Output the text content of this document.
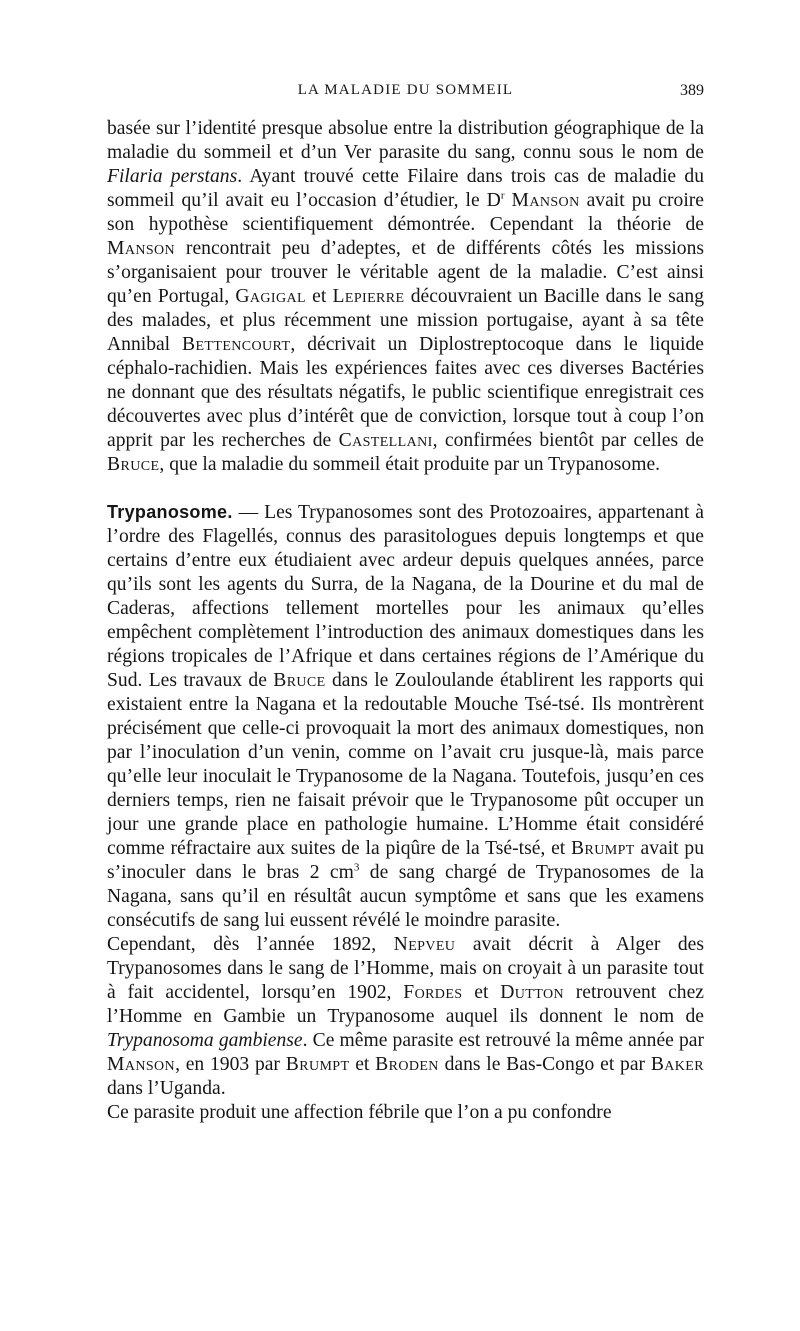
LA MALADIE DU SOMMEIL	389

basée sur l’identité presque absolue entre la distribution géographique de la maladie du sommeil et d’un Ver parasite du sang, connu sous le nom de Filaria perstans. Ayant trouvé cette Filaire dans trois cas de maladie du sommeil qu’il avait eu l’occasion d’étudier, le $D^r$ Manson avait pu croire son hypothèse scientifiquement démontrée. Cependant la théorie de Manson rencontrait peu d’adeptes, et de différents côtés les missions s’organisaient pour trouver le véritable agent de la maladie. C’est ainsi qu’en Portugal, Gagigal et Lepierre découvraient un Bacille dans le sang des malades, et plus récemment une mission portugaise, ayant à sa tête Annibal Bettencourt, décrivait un Diplostreptocoque dans le liquide céphalo-rachidien. Mais les expériences faites avec ces diverses Bactéries ne donnant que des résultats négatifs, le public scientifique enregistrait ces découvertes avec plus d’intérêt que de conviction, lorsque tout à coup l’on apprit par les recherches de Castellani, confirmées bientôt par celles de Bruce, que la maladie du sommeil était produite par un Trypanosome.

Trypanosome. — Les Trypanosomes sont des Protozoaires, appartenant à l’ordre des Flagellés, connus des parasitologues depuis longtemps et que certains d’entre eux étudiaient avec ardeur depuis quelques années, parce qu’ils sont les agents du Surra, de la Nagana, de la Dourine et du mal de Caderas, affections tellement mortelles pour les animaux qu’elles empêchent complètement l’introduction des animaux domestiques dans les régions tropicales de l’Afrique et dans certaines régions de l’Amérique du Sud. Les travaux de Bruce dans le Zouloulande établirent les rapports qui existaient entre la Nagana et la redoutable Mouche Tsé-tsé. Ils montrèrent précisément que celle-ci provoquait la mort des animaux domestiques, non par l’inoculation d’un venin, comme on l’avait cru jusque-là, mais parce qu’elle leur inoculait le Trypanosome de la Nagana. Toutefois, jusqu’en ces derniers temps, rien ne faisait prévoir que le Trypanosome pût occuper un jour une grande place en pathologie humaine. L’Homme était considéré comme réfractaire aux suites de la piqûre de la Tsé-tsé, et Brumpt avait pu s’inoculer dans le bras 2 $cm^3$ de sang chargé de Trypanosomes de la Nagana, sans qu’il en résultât aucun symptôme et sans que les examens consécutifs de sang lui eussent révélé le moindre parasite.

Cependant, dès l’année 1892, Nepveu avait décrit à Alger des Trypanosomes dans le sang de l’Homme, mais on croyait à un parasite tout à fait accidentel, lorsqu’en 1902, Fordes et Dutton retrouvent chez l’Homme en Gambie un Trypanosome auquel ils donnent le nom de Trypanosoma gambiense. Ce même parasite est retrouvé la même année par Manson, en 1903 par Brumpt et Broden dans le Bas-Congo et par Baker dans l’Uganda.

Ce parasite produit une affection fébrile que l’on a pu confondre
